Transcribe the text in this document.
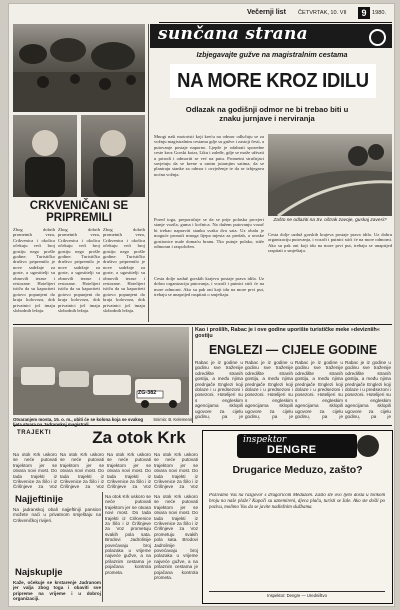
Večernji list ČETVRTAK, 10. VII	9 1980.
sunčana strana
Izbjegavajte gužve na magistralnim cestama
NA MORE KROZ IDILU
Odlazak na godišnji odmor ne bi trebao biti u znaku jurnjave i nerviranja
CRKVENIČANI SE PRIPREMILI
Zbog dobrih prometnih veza, Crikvenica i okolica očekuju veći broj gostiju nego prošle godine. Turističko društvo pripremilo je nove sadržaje za goste, a ugostitelji su obnovili terase i restorane. Hotelijeri ističu da su kapaciteti gotovo popunjeni do kraja kolovoza, dok privatnici još imaju slobodnih ležaja.
Zbog dobrih prometnih veza, Crikvenica i okolica očekuju veći broj gostiju nego prošle godine. Turističko društvo pripremilo je nove sadržaje za goste, a ugostitelji su obnovili terase i restorane. Hotelijeri ističu da su kapaciteti gotovo popunjeni do kraja kolovoza, dok privatnici još imaju slobodnih ležaja.
Zbog dobrih prometnih veza, Crikvenica i okolica očekuju veći broj gostiju nego prošle godine. Turističko društvo pripremilo je nove sadržaje za goste, a ugostitelji su obnovili terase i restorane. Hotelijeri ističu da su kapaciteti gotovo popunjeni do kraja kolovoza, dok privatnici još imaju slobodnih ležaja.
Mnogi naši motoristi koji kreću na odmor odlučuju se za vožnju magistralnim cestama gdje su gužve i zastoji česti, a putovanje postaje naporno. Ljepše je odabrati sporedne ceste kroz Gorski kotar, Liku i zaleđe, gdje se može uživati u prirodi i odmoriti se već na putu. Prometni stručnjaci savjetuju da se krene u ranim jutarnjim satima, da se planiraju stanke za odmor i osvježenje te da se izbjegava noćna vožnja.
Pored toga, preporučuje se da se prije polaska provjeri stanje vozila, guma i kočnica. Na dužem putovanju vozač bi trebao napraviti stanku svaka dva sata. Uz obalu je moguće pronaći mnoga lijepa mjesta za predah, a seoske gostionice nude domaću hranu. Tko putuje polako, stiže odmoran i raspoložen.
Cesta dolje uzduž gorskih krajeva postaje prava idila. Uz dobru organizaciju putovanja, i vozači i putnici stići će na more odmorni. Ako su pak oni koji idu na more prvi put, trebaju se unaprijed raspitati o smještaju.
Zašto ne odlaziti na Sv. oštrak zavoje, guskaj zavesi?
Cesta dolje uzduž gorskih krajeva postaje prava idila. Uz dobru organizaciju putovanja, i vozači i putnici stići će na more odmorni. Ako su pak oni koji idu na more prvi put, trebaju se unaprijed raspitati o smještaju.
ZG-382
Otvaranjem mosta, 15. o. m., ubiti će se kolona koja se svakog	Snimio: B. Kelemenić
Kao i prošlih, Rabac je i ove godine uporište turističke meke »devizniih« gostiju
ENGLEZI — CIJELE GODINE
Rabac je iz godine u godinu sve traženije odredište stranih gostiju, a među njima prednjače Englezi koji dolaze i u predsezoni i posezoni. Hotelijeri su s engleskim agencijama sklopili ugovore za cijelu godinu, pa je
Rabac je iz godine u godinu sve traženije odredište stranih gostiju, a među njima prednjače Englezi koji dolaze i u predsezoni i posezoni. Hotelijeri su s engleskim agencijama sklopili ugovore za cijelu godinu, pa je
Rabac je iz godine u godinu sve traženije odredište stranih gostiju, a među njima prednjače Englezi koji dolaze i u predsezoni i posezoni. Hotelijeri su s engleskim agencijama sklopili ugovore za cijelu godinu, pa je
Rabac je iz godine u godinu sve traženije odredište stranih gostiju, a među njima prednjače Englezi koji dolaze i u predsezoni i posezoni. Hotelijeri su s engleskim agencijama sklopili ugovore za cijelu godinu, pa je
TRAJEKTI	Za otok Krk
Na otok Krk uskoro se neće putovati trajektom jer se otvara novi most. Do tada trajekti iz Crikvenice za Šilo i iz Črišnjeve za Voz
Na otok Krk uskoro se neće putovati trajektom jer se otvara novi most. Do tada trajekti iz Crikvenice za Šilo i iz Črišnjeve za Voz
Na otok Krk uskoro se neće putovati trajektom jer se otvara novi most. Do tada trajekti iz Crikvenice za Šilo i iz Črišnjeve za Voz
Na otok Krk uskoro se neće putovati trajektom jer se otvara novi most. Do tada trajekti iz Crikvenice za Šilo i iz Črišnjeve za Voz
Najjeftinije
Na jadranskoj obali najjeftiniji pansion možete naći u privatnom smještaju na Crikveničkoj rivijeri.
Najskuplje
Kaže, očekuje se krstarenje Jadranom jer valja zbog toga i obaviti sve pripreme na vrijeme i u dobroj organizaciji.
Na otok Krk uskoro se neće putovati trajektom jer se otvara novi most. Do tada trajekti iz Crikvenice za Šilo i iz Črišnjeve za Voz prometuju svakih pola sata. Brodovi Jadrolinije povećavaju broj polazaka u vrijeme najveće gužve, a na prilaznim cestama je pojačana kontrola prometa.
Na otok Krk uskoro se neće putovati trajektom jer se otvara novi most. Do tada trajekti iz Crikvenice za Šilo i iz Črišnjeve za Voz prometuju svakih pola sata. Brodovi Jadrolinije povećavaju broj polazaka u vrijeme najveće gužve, a na prilaznim cestama je pojačana kontrola prometa.
inspektor
DENGRE
Drugarice Meduzo, zašto?
Pozivamo Vas na razgovor s drugaricom Meduzom. Zašto ste ovo ljeto došla u tolikom broju na naše plaže? Kupači su uznemireni, djeca plaču, turisti se žale. Ako ste došli po pozivu, molimo Vas da se javite nadležnim službama.
Inspektor: Dengre — Uredništvo
